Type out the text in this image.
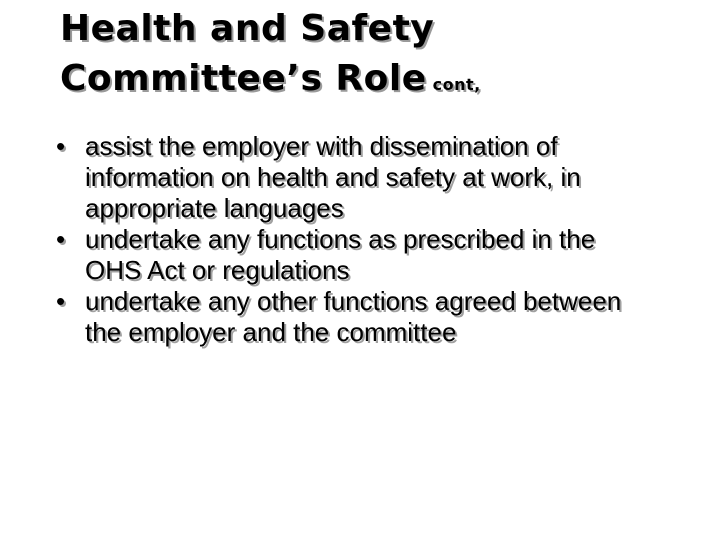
Health and Safety
Committee’s Role cont,
• assist the employer with dissemination of information on health and safety at work, in appropriate languages
• undertake any functions as prescribed in the OHS Act or regulations
• undertake any other functions agreed between the employer and the committee
